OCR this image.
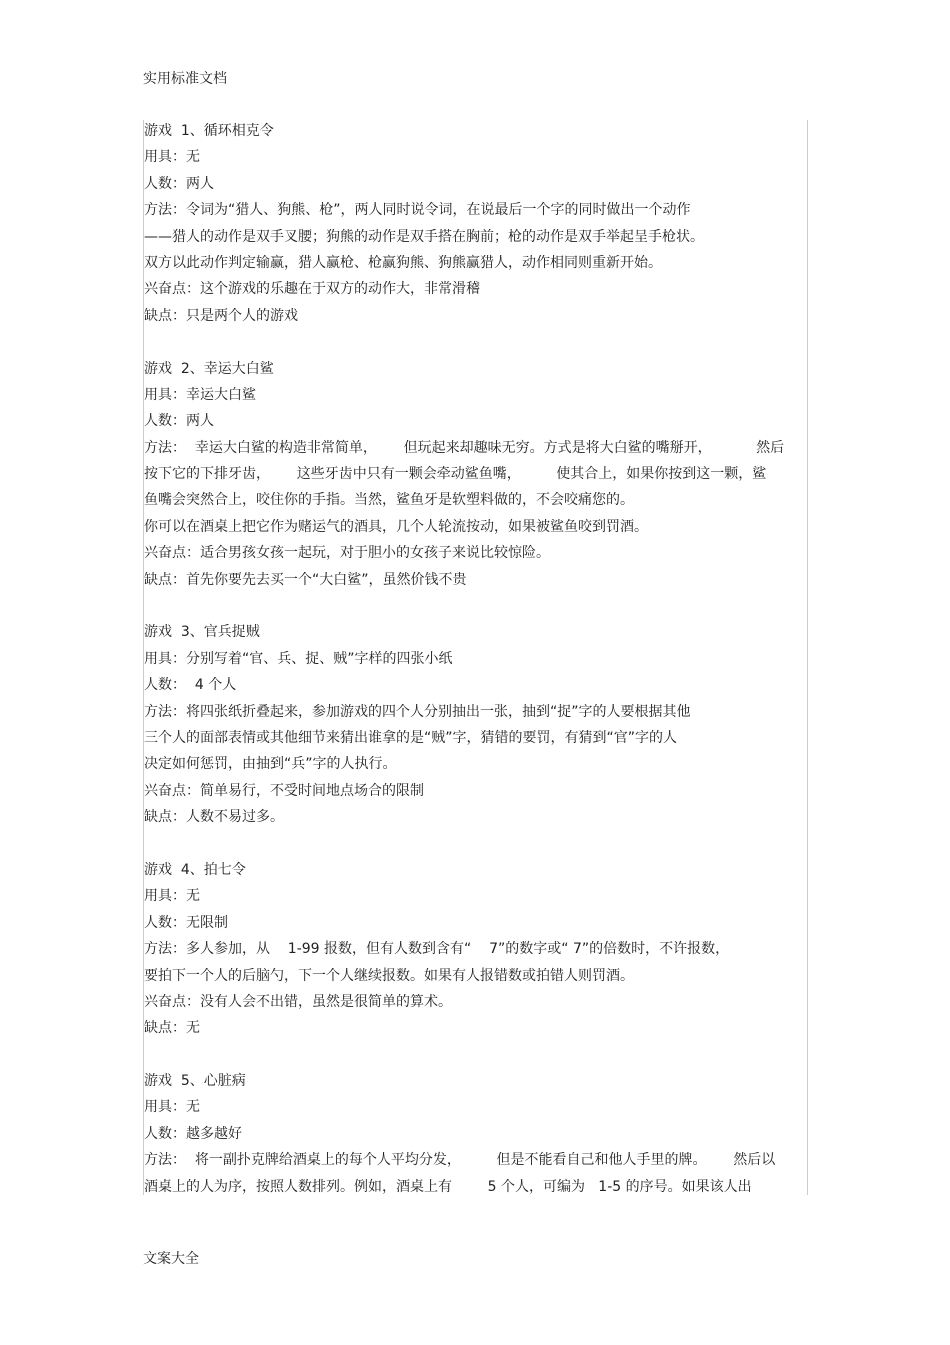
实用标准文档
游戏  1、循环相克令
用具：无
人数：两人
方法：令词为“猎人、狗熊、枪”，两人同时说令词，在说最后一个字的同时做出一个动作
——猎人的动作是双手叉腰；狗熊的动作是双手搭在胸前；枪的动作是双手举起呈手枪状。
双方以此动作判定输赢，猎人赢枪、枪赢狗熊、狗熊赢猎人，动作相同则重新开始。
兴奋点：这个游戏的乐趣在于双方的动作大，非常滑稽
缺点：只是两个人的游戏
游戏  2、幸运大白鲨
用具：幸运大白鲨
人数：两人
方法：  幸运大白鲨的构造非常简单，      但玩起来却趣味无穷。方式是将大白鲨的嘴掰开，          然后
按下它的下排牙齿，      这些牙齿中只有一颗会牵动鲨鱼嘴，        使其合上，如果你按到这一颗，鲨
鱼嘴会突然合上，咬住你的手指。当然，鲨鱼牙是软塑料做的，不会咬痛您的。
你可以在酒桌上把它作为赌运气的酒具，几个人轮流按动，如果被鲨鱼咬到罚酒。
兴奋点：适合男孩女孩一起玩，对于胆小的女孩子来说比较惊险。
缺点：首先你要先去买一个“大白鲨”，虽然价钱不贵
游戏  3、官兵捉贼
用具：分别写着“官、兵、捉、贼”字样的四张小纸
人数：  4 个人
方法：将四张纸折叠起来，参加游戏的四个人分别抽出一张，抽到“捉”字的人要根据其他
三个人的面部表情或其他细节来猜出谁拿的是“贼”字，猜错的要罚，有猜到“官”字的人
决定如何惩罚，由抽到“兵”字的人执行。
兴奋点：简单易行，不受时间地点场合的限制
缺点：人数不易过多。
游戏  4、拍七令
用具：无
人数：无限制
方法：多人参加，从    1-99 报数，但有人数到含有“    7”的数字或“ 7”的倍数时，不许报数，
要拍下一个人的后脑勺，下一个人继续报数。如果有人报错数或拍错人则罚酒。
兴奋点：没有人会不出错，虽然是很简单的算术。
缺点：无
游戏  5、心脏病
用具：无
人数：越多越好
方法：  将一副扑克牌给酒桌上的每个人平均分发，        但是不能看自己和他人手里的牌。      然后以
酒桌上的人为序，按照人数排列。例如，酒桌上有        5 个人，可编为   1-5 的序号。如果该人出
文案大全
